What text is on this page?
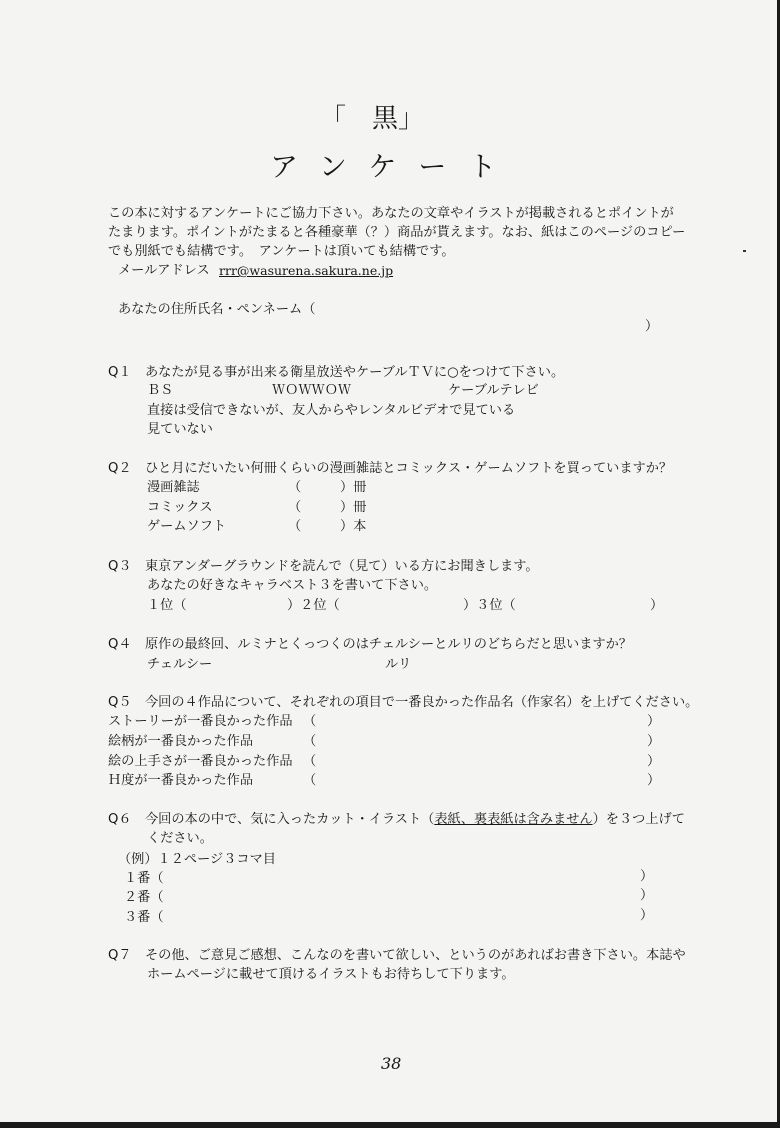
「　黒」
アンケート
この本に対するアンケートにご協力下さい。あなたの文章やイラストが掲載されるとポイントが
たまります。ポイントがたまると各種豪華（？）商品が貰えます。なお、紙はこのページのコピー
でも別紙でも結構です。　アンケートは頂いても結構です。
メールアドレス rrr@wasurena.sakura.ne.jp
あなたの住所氏名・ペンネーム（
）
Q１ あなたが見る事が出来る衛星放送やケーブルＴＶに○をつけて下さい。
ＢＳ	ＷＯＷＷＯＷ	ケーブルテレビ
直接は受信できないが、友人からやレンタルビデオで見ている
見ていない
Q２ ひと月にだいたい何冊くらいの漫画雑誌とコミックス・ゲームソフトを買っていますか？
漫画雑誌	（	）冊
コミックス	（	）冊
ゲームソフト	（	）本
Q３ 東京アンダーグラウンドを読んで（見て）いる方にお聞きします。
あなたの好きなキャラベスト３を書いて下さい。
１位（	）２位（	）３位（	）
Q４ 原作の最終回、ルミナとくっつくのはチェルシーとルリのどちらだと思いますか？
チェルシー	ルリ
Q５ 今回の４作品について、それぞれの項目で一番良かった作品名（作家名）を上げてください。
ストーリーが一番良かった作品 （	）
絵柄が一番良かった作品	（	）
絵の上手さが一番良かった作品 （	）
Ｈ度が一番良かった作品	（	）
Q６ 今回の本の中で、気に入ったカット・イラスト（表紙、裏表紙は含みません）を３つ上げて
ください。
（例）１２ページ３コマ目
１番（	）
２番（	）
３番（	）
Q７ その他、ご意見ご感想、こんなのを書いて欲しい、というのがあればお書き下さい。本誌や
ホームページに載せて頂けるイラストもお待ちして下ります。
38
